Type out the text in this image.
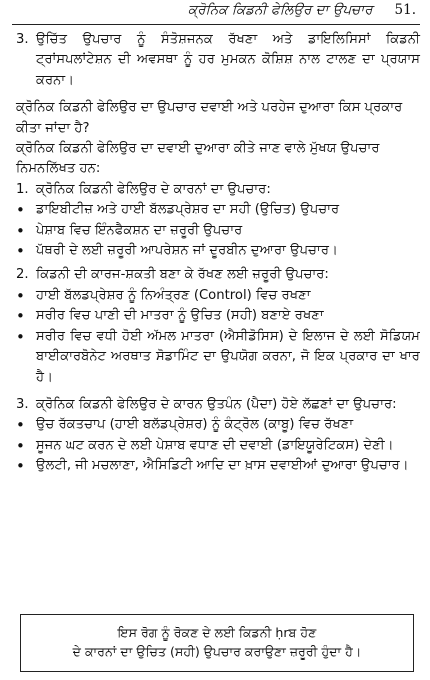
ਕ੍ਰੋਨਿਕ ਕਿਡਨੀ ਫੇਲਿਉਰ ਦਾ ਉਪਚਾਰ 51.
3. ਉਚਿੱਤ ਉਪਚਾਰ ਨੂੰ ਸੰਤੋਸ਼ਜਨਕ ਰੱਖਣਾ ਅਤੇ ਡਾਇਲਿਸਿਸਾਂ ਕਿਡਨੀ ਟ੍ਰਾਂਸਪਲਾਂਟੇਸ਼ਨ ਦੀ ਅਵਸਥਾ ਨੂੰ ਹਰ ਮੁਮਕਨ ਕੋਸ਼ਿਸ਼ ਨਾਲ ਟਾਲਣ ਦਾ ਪ੍ਰਯਾਸ ਕਰਨਾ।

ਕ੍ਰੋਨਿਕ ਕਿਡਨੀ ਫੇਲਿਉਰ ਦਾ ਉਪਚਾਰ ਦਵਾਈ ਅਤੇ ਪਰਹੇਜ ਦੁਆਰਾ ਕਿਸ ਪ੍ਰਕਾਰ ਕੀਤਾ ਜਾਂਦਾ ਹੈ?

ਕ੍ਰੋਨਿਕ ਕਿਡਨੀ ਫੇਲਿਉਰ ਦਾ ਦਵਾਈ ਦੁਆਰਾ ਕੀਤੇ ਜਾਣ ਵਾਲੇ ਮੁੱਖਯ ਉਪਚਾਰ ਨਿਮਨਲਿੱਖਤ ਹਨ:

1. ਕ੍ਰੋਨਿਕ ਕਿਡਨੀ ਫੇਲਿਉਰ ਦੇ ਕਾਰਨਾਂ ਦਾ ਉਪਚਾਰ:
• ਡਾਇਬੀਟੀਜ਼ ਅਤੇ ਹਾਈ ਬੱਲਡਪ੍ਰੇਸ਼ਰ ਦਾ ਸਹੀ (ਉਚਿਤ) ਉਪਚਾਰ
• ਪੇਸ਼ਾਬ ਵਿਚ ਇੰਨਫੈਕਸ਼ਨ ਦਾ ਜ਼ਰੂਰੀ ਉਪਚਾਰ
• ਪੱਥਰੀ ਦੇ ਲਈ ਜ਼ਰੂਰੀ ਆਪਰੇਸ਼ਨ ਜਾਂ ਦੂਰਬੀਨ ਦੁਆਰਾ ਉਪਚਾਰ।
2. ਕਿਡਨੀ ਦੀ ਕਾਰਜ-ਸ਼ਕਤੀ ਬਣਾ ਕੇ ਰੱਖਣ ਲਈ ਜ਼ਰੂਰੀ ਉਪਚਾਰ:
• ਹਾਈ ਬੱਲਡਪ੍ਰੇਸ਼ਰ ਨੂੰ ਨਿਅੰਤ੍ਰਣ (Control) ਵਿਚ ਰਖਣਾ
• ਸਰੀਰ ਵਿਚ ਪਾਣੀ ਦੀ ਮਾਤਰਾ ਨੂੰ ਉਚਿਤ (ਸਹੀ) ਬਣਾਏ ਰਖਣਾ
• ਸਰੀਰ ਵਿਚ ਵਧੀ ਹੋਈ ਅੱਮਲ ਮਾਤਰਾ (ਐਸੀਡੋਸਿਸ) ਦੇ ਇਲਾਜ ਦੇ ਲਈ ਸੋਡਿਯਮ ਬਾਈਕਾਰਬੋਨੇਟ ਅਰਥਾਤ ਸੋਡਾਮਿੰਟ ਦਾ ਉਪਯੋਗ ਕਰਨਾ, ਜੋ ਇਕ ਪ੍ਰਕਾਰ ਦਾ ਖਾਰ ਹੈ।
3. ਕ੍ਰੋਨਿਕ ਕਿਡਨੀ ਫੇਲਿਉਰ ਦੇ ਕਾਰਨ ਉਤਪੰਨ (ਪੈਦਾ) ਹੋਏ ਲੱਛਣਾਂ ਦਾ ਉਪਚਾਰ:
• ਉਚ ਰੱਕਤਚਾਪ (ਹਾਈ ਬਲੱਡਪ੍ਰੇਸ਼ਰ) ਨੂੰ ਕੰਟ੍ਰੋਲ (ਕਾਬੂ) ਵਿਚ ਰੱਖਣਾ
• ਸੂਜਨ ਘਟ ਕਰਨ ਦੇ ਲਈ ਪੇਸ਼ਾਬ ਵਧਾਣ ਦੀ ਦਵਾਈ (ਡਾਇਯੂਰੇਟਿਕਸ) ਦੇਣੀ।
• ਉਲਟੀ, ਜੀ ਮਚਲਾਣਾ, ਐਸਿਡਿਟੀ ਆਦਿ ਦਾ ਖ਼ਾਸ ਦਵਾਈਆਂ ਦੁਆਰਾ ਉਪਚਾਰ।
ਇਸ ਰੋਗ ਨੂੰ ਰੋਕਣ ਦੇ ਲਈ ਕਿਡਨੀ ḥrਬ ਹੋਣ
ਦੇ ਕਾਰਨਾਂ ਦਾ ਉਚਿਤ (ਸਹੀ) ਉਪਚਾਰ ਕਰਾਉਣਾ ਜ਼ਰੂਰੀ ਹੁੰਦਾ ਹੈ।
